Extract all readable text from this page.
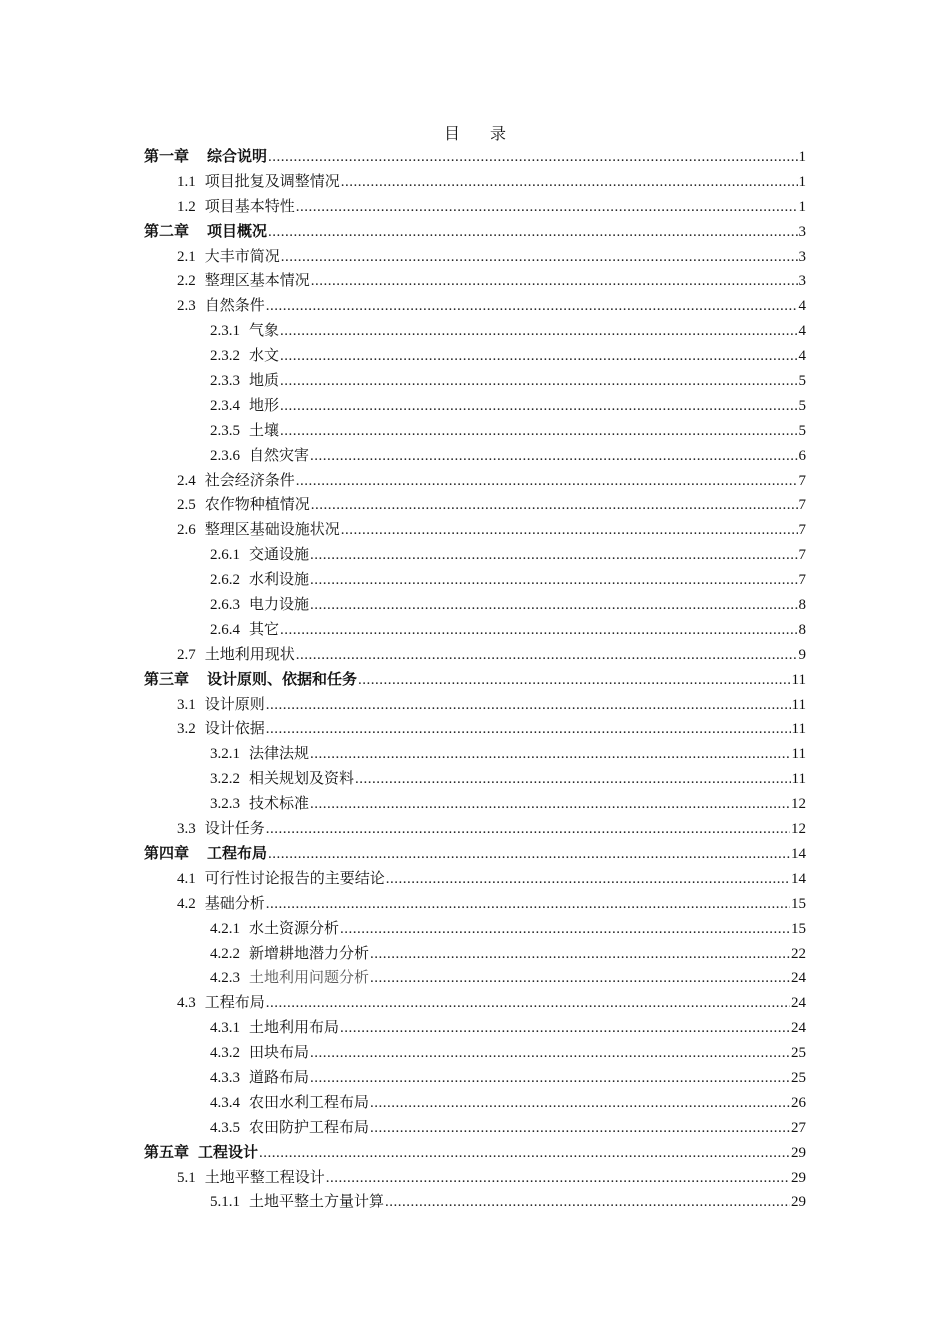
目录
第一章 综合说明 .....	1
1.1 项目批复及调整情况 .....	1
1.2 项目基本特性 .....	1
第二章 项目概况 .....	3
2.1 大丰市简况 .....	3
2.2 整理区基本情况 .....	3
2.3 自然条件 .....	4
2.3.1 气象 .....	4
2.3.2 水文 .....	4
2.3.3 地质 .....	5
2.3.4 地形 .....	5
2.3.5 土壤 .....	5
2.3.6 自然灾害 .....	6
2.4 社会经济条件 .....	7
2.5 农作物种植情况 .....	7
2.6 整理区基础设施状况 .....	7
2.6.1 交通设施 .....	7
2.6.2 水利设施 .....	7
2.6.3 电力设施 .....	8
2.6.4 其它 .....	8
2.7 土地利用现状 .....	9
第三章 设计原则、依据和任务 .....	11
3.1 设计原则 .....	11
3.2 设计依据 .....	11
3.2.1 法律法规 .....	11
3.2.2 相关规划及资料 .....	11
3.2.3 技术标准 .....	12
3.3 设计任务 .....	12
第四章 工程布局 .....	14
4.1 可行性讨论报告的主要结论 .....	14
4.2 基础分析 .....	15
4.2.1 水土资源分析 .....	15
4.2.2 新增耕地潜力分析 .....	22
4.2.3 土地利用问题分析 .....	24
4.3 工程布局 .....	24
4.3.1 土地利用布局 .....	24
4.3.2 田块布局 .....	25
4.3.3 道路布局 .....	25
4.3.4 农田水利工程布局 .....	26
4.3.5 农田防护工程布局 .....	27
第五章 工程设计 .....	29
5.1 土地平整工程设计 .....	29
5.1.1 土地平整土方量计算 .....	29
